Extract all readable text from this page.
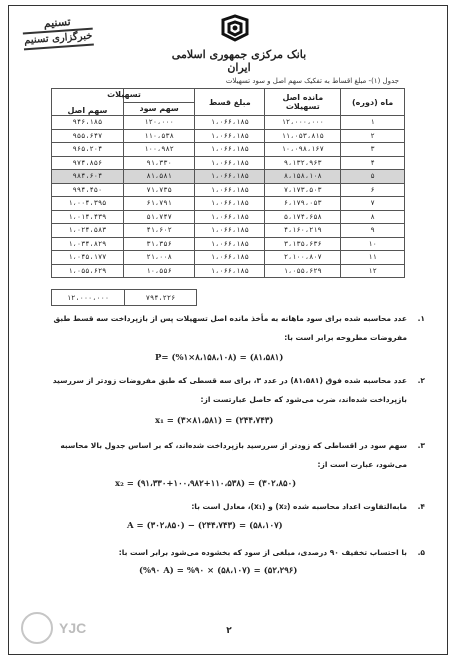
تسنیم
خبرگزاری تسنیم
بانک مرکزی جمهوری اسلامی ایران
جدول (۱)- مبلغ اقساط به تفکیک سهم اصل و سود تسهیلات
سهم اصل		مبلغ قسط	مانده اصل تسهیلات	ماه (دوره)
	سهم سود			
۹۴۶،۱۸۵	۱۲۰،۰۰۰	۱،۰۶۶،۱۸۵	۱۲،۰۰۰،۰۰۰	۱
۹۵۵،۶۴۷	۱۱۰،۵۳۸	۱،۰۶۶،۱۸۵	۱۱،۰۵۳،۸۱۵	۲
۹۶۵،۲۰۴	۱۰۰،۹۸۲	۱،۰۶۶،۱۸۵	۱۰،۰۹۸،۱۶۷	۳
۹۷۴،۸۵۶	۹۱،۳۳۰	۱،۰۶۶،۱۸۵	۹،۱۳۲،۹۶۳	۴
۹۸۴،۶۰۴	۸۱،۵۸۱	۱،۰۶۶،۱۸۵	۸،۱۵۸،۱۰۸	۵
۹۹۴،۴۵۰	۷۱،۷۳۵	۱،۰۶۶،۱۸۵	۷،۱۷۳،۵۰۳	۶
۱،۰۰۴،۳۹۵	۶۱،۷۹۱	۱،۰۶۶،۱۸۵	۶،۱۷۹،۰۵۳	۷
۱،۰۱۴،۴۳۹	۵۱،۷۴۷	۱،۰۶۶،۱۸۵	۵،۱۷۴،۶۵۸	۸
۱،۰۲۴،۵۸۳	۴۱،۶۰۲	۱،۰۶۶،۱۸۵	۴،۱۶۰،۲۱۹	۹
۱،۰۳۴،۸۲۹	۳۱،۳۵۶	۱،۰۶۶،۱۸۵	۳،۱۳۵،۶۳۶	۱۰
۱،۰۴۵،۱۷۷	۲۱،۰۰۸	۱،۰۶۶،۱۸۵	۲،۱۰۰،۸۰۷	۱۱
۱،۰۵۵،۶۲۹	۱۰،۵۵۶	۱،۰۶۶،۱۸۵	۱،۰۵۵،۶۲۹	۱۲
تسهیلات
۱۲،۰۰۰،۰۰۰	۷۹۴،۲۲۶
۱.
عدد محاسبه شده برای سود ماهانه به مأخذ مانده اصل تسهیلات پس از بازپرداخت سه قسط طبق مفروضات مطروحه برابر است با:
P= (%۱×۸،۱۵۸،۱۰۸) = (۸۱،۵۸۱)
۲.
عدد محاسبه شده فوق (۸۱،۵۸۱) در عدد ۳، برای سه قسطی که طبق مفروضات زودتر از سررسید بازپرداخت شده‌اند، ضرب می‌شود که حاصل عبارتست از:
x₁ = (۳×۸۱،۵۸۱) = (۲۴۴،۷۴۳)
۳.
سهم سود در اقساطی که زودتر از سررسید بازپرداخت شده‌اند، که بر اساس جدول بالا محاسبه می‌شود، عبارت است از:
x₂ = (۹۱،۳۳۰+۱۰۰،۹۸۲+۱۱۰،۵۳۸) = (۳۰۲،۸۵۰)
۴.
مابه‌التفاوت اعداد محاسبه شده (x₂) و (x₁)، معادل است با:
A = (۳۰۲،۸۵۰) − (۲۴۴،۷۴۳) = (۵۸،۱۰۷)
۵.
با احتساب تخفیف ۹۰ درصدی، مبلغی از سود که بخشوده می‌شود برابر است با:
(%۹۰ A) = %۹۰ × (۵۸،۱۰۷) = (۵۲،۲۹۶)
۲
YJC
